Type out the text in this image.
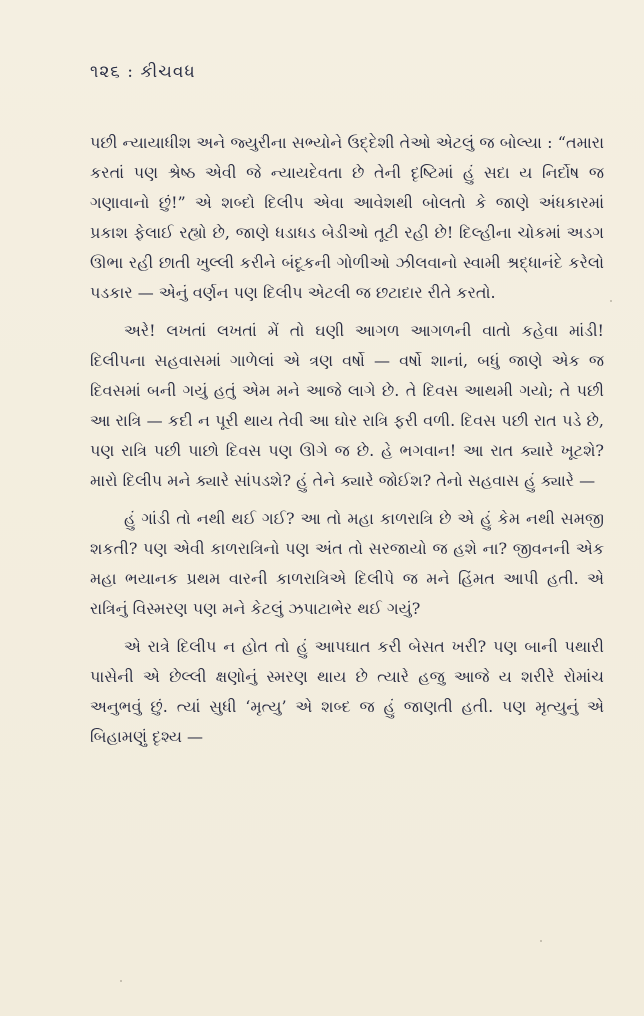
૧૨૬ : કીચવધ

પછી ન્યાયાધીશ અને જ્યુરીના સભ્યોને ઉદ્દેશી તેઓ એટલું જ બોલ્યા : “તમારા કરતાં પણ શ્રેષ્ઠ એવી જે ન્યાયદેવતા છે તેની દૃષ્ટિમાં હું સદા ય નિર્દોષ જ ગણાવાનો છું!” એ શબ્દો દિલીપ એવા આવેશથી બોલતો કે જાણે અંધકારમાં પ્રકાશ ફેલાઈ રહ્યો છે, જાણે ધડાધડ બેડીઓ તૂટી રહી છે! દિલ્હીના ચોકમાં અડગ ઊભા રહી છાતી ખુલ્લી કરીને બંદૂકની ગોળીઓ ઝીલવાનો સ્વામી શ્રદ્ધાનંદે કરેલો પડકાર — એનું વર્ણન પણ દિલીપ એટલી જ છટાદાર રીતે કરતો.

અરે! લખતાં લખતાં મેં તો ઘણી આગળ આગળની વાતો કહેવા માંડી! દિલીપના સહવાસમાં ગાળેલાં એ ત્રણ વર્ષો — વર્ષો શાનાં, બધું જાણે એક જ દિવસમાં બની ગયું હતું એમ મને આજે લાગે છે. તે દિવસ આથમી ગયો; તે પછી આ રાત્રિ — કદી ન પૂરી થાય તેવી આ ઘોર રાત્રિ ફરી વળી. દિવસ પછી રાત પડે છે, પણ રાત્રિ પછી પાછો દિવસ પણ ઊગે જ છે. હે ભગવાન! આ રાત ક્યારે ખૂટશે? મારો દિલીપ મને ક્યારે સાંપડશે? હું તેને ક્યારે જોઈશ? તેનો સહવાસ હું ક્યારે —

હું ગાંડી તો નથી થઈ ગઈ? આ તો મહા કાળરાત્રિ છે એ હું કેમ નથી સમજી શકતી? પણ એવી કાળરાત્રિનો પણ અંત તો સરજાયો જ હશે ના? જીવનની એક મહા ભયાનક પ્રથમ વારની કાળરાત્રિએ દિલીપે જ મને હિંમત આપી હતી. એ રાત્રિનું વિસ્મરણ પણ મને કેટલું ઝપાટાભેર થઈ ગયું?

એ રાત્રે દિલીપ ન હોત તો હું આપઘાત કરી બેસત ખરી? પણ બાની પથારી પાસેની એ છેલ્લી ક્ષણોનું સ્મરણ થાય છે ત્યારે હજુ આજે ય શરીરે રોમાંચ અનુભવું છું. ત્યાં સુધી ‘મૃત્યુ’ એ શબ્દ જ હું જાણતી હતી. પણ મૃત્યુનું એ બિહામણું દૃશ્ય —
